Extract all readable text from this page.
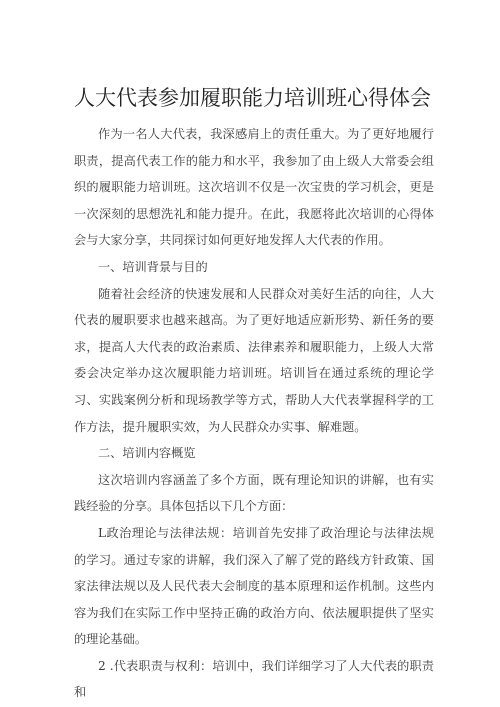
人大代表参加履职能力培训班心得体会

作为一名人大代表，我深感肩上的责任重大。为了更好地履行职责，提高代表工作的能力和水平，我参加了由上级人大常委会组织的履职能力培训班。这次培训不仅是一次宝贵的学习机会，更是一次深刻的思想洗礼和能力提升。在此，我愿将此次培训的心得体会与大家分享，共同探讨如何更好地发挥人大代表的作用。

一、培训背景与目的

随着社会经济的快速发展和人民群众对美好生活的向往，人大代表的履职要求也越来越高。为了更好地适应新形势、新任务的要求，提高人大代表的政治素质、法律素养和履职能力，上级人大常委会决定举办这次履职能力培训班。培训旨在通过系统的理论学习、实践案例分析和现场教学等方式，帮助人大代表掌握科学的工作方法，提升履职实效，为人民群众办实事、解难题。

二、培训内容概览

这次培训内容涵盖了多个方面，既有理论知识的讲解，也有实践经验的分享。具体包括以下几个方面：

L政治理论与法律法规：培训首先安排了政治理论与法律法规的学习。通过专家的讲解，我们深入了解了党的路线方针政策、国家法律法规以及人民代表大会制度的基本原理和运作机制。这些内容为我们在实际工作中坚持正确的政治方向、依法履职提供了坚实的理论基础。

2 .代表职责与权利：培训中，我们详细学习了人大代表的职责和
